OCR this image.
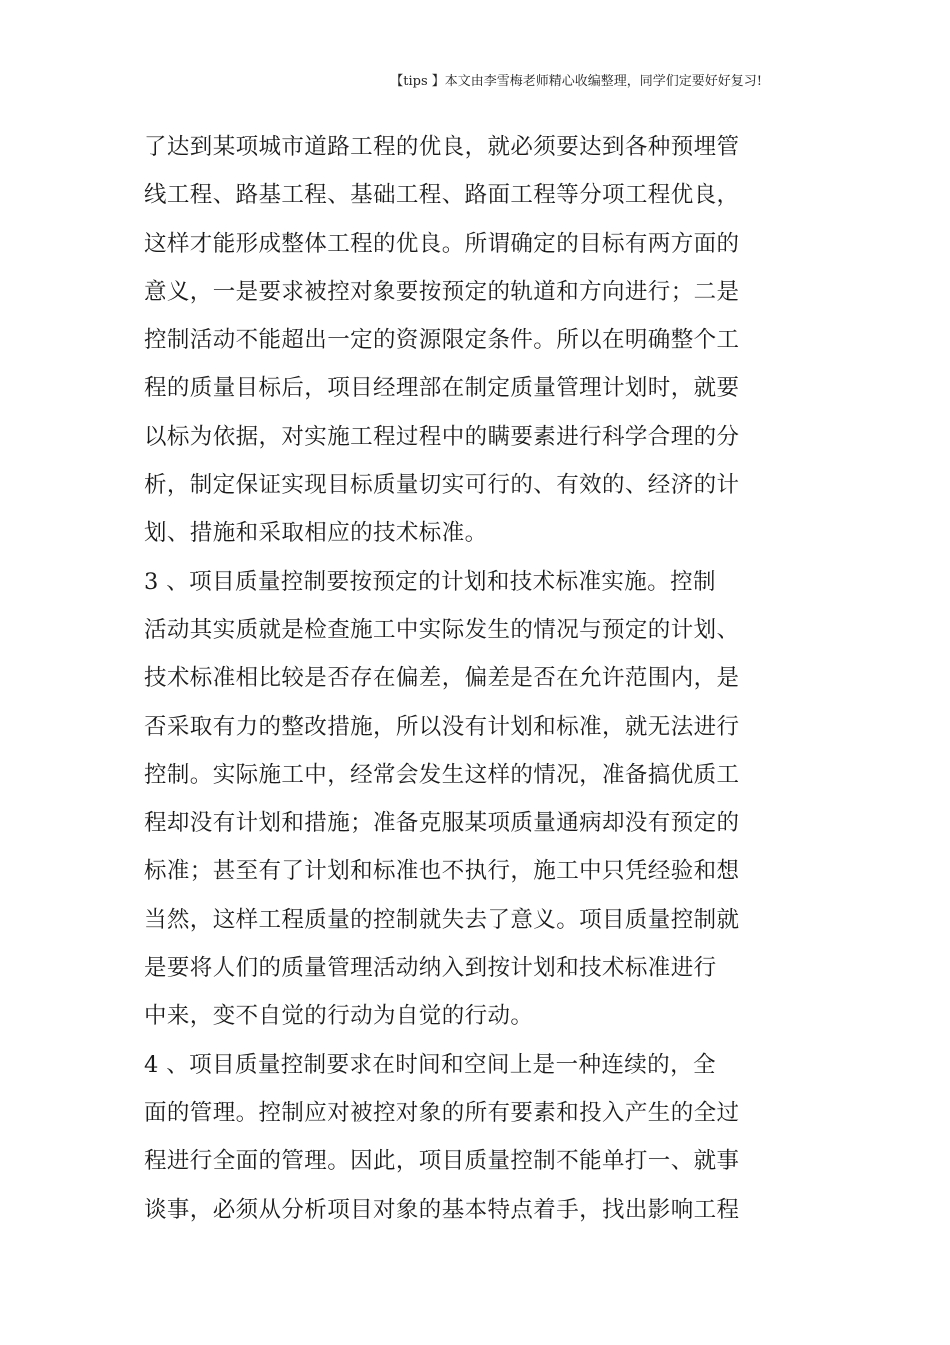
【tips 】本文由李雪梅老师精心收编整理，同学们定要好好复习!
了达到某项城市道路工程的优良，就必须要达到各种预埋管
线工程、路基工程、基础工程、路面工程等分项工程优良，
这样才能形成整体工程的优良。所谓确定的目标有两方面的
意义，一是要求被控对象要按预定的轨道和方向进行；二是
控制活动不能超出一定的资源限定条件。所以在明确整个工
程的质量目标后，项目经理部在制定质量管理计划时，就要
以标为依据，对实施工程过程中的瞒要素进行科学合理的分
析，制定保证实现目标质量切实可行的、有效的、经济的计
划、措施和采取相应的技术标准。
3 、项目质量控制要按预定的计划和技术标准实施。控制
活动其实质就是检查施工中实际发生的情况与预定的计划、
技术标准相比较是否存在偏差，偏差是否在允许范围内，是
否采取有力的整改措施，所以没有计划和标准，就无法进行
控制。实际施工中，经常会发生这样的情况，准备搞优质工
程却没有计划和措施；准备克服某项质量通病却没有预定的
标准；甚至有了计划和标准也不执行，施工中只凭经验和想
当然，这样工程质量的控制就失去了意义。项目质量控制就
是要将人们的质量管理活动纳入到按计划和技术标准进行
中来，变不自觉的行动为自觉的行动。
4 、项目质量控制要求在时间和空间上是一种连续的，全
面的管理。控制应对被控对象的所有要素和投入产生的全过
程进行全面的管理。因此，项目质量控制不能单打一、就事
谈事，必须从分析项目对象的基本特点着手，找出影响工程
